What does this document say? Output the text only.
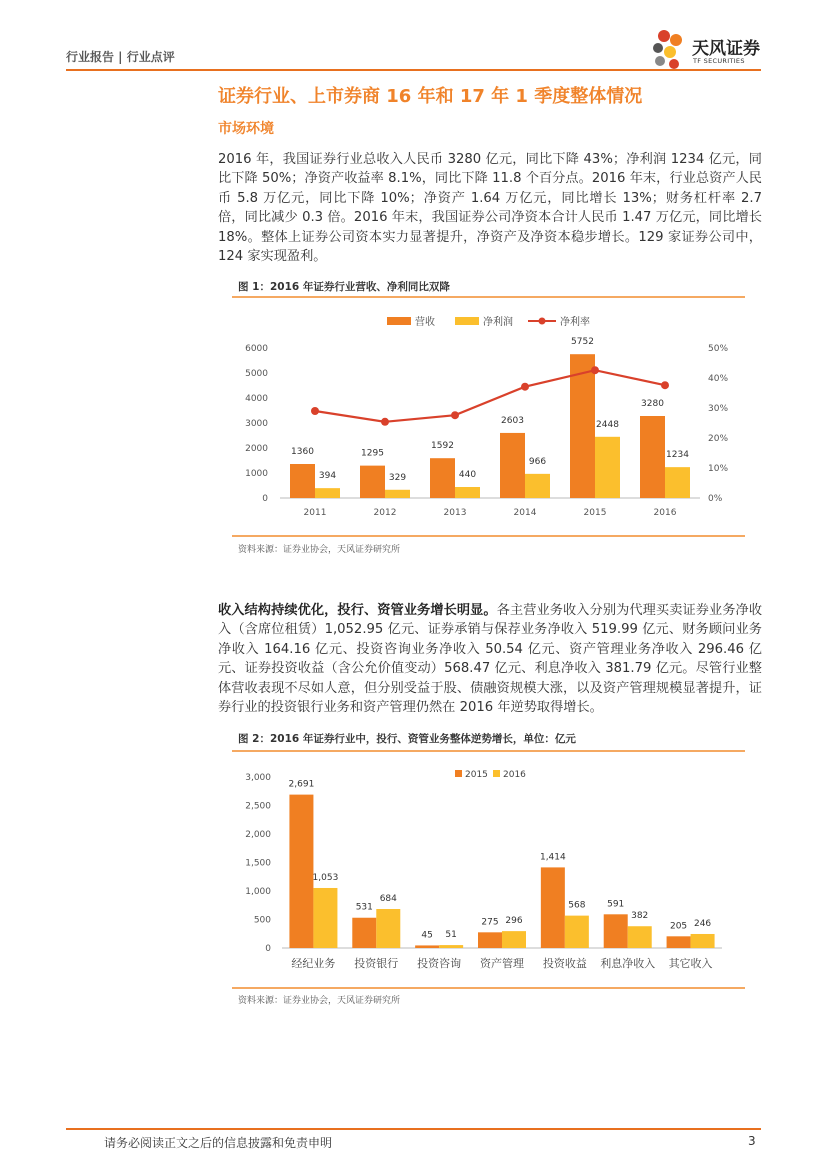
行业报告 | 行业点评	天风证券
TF SECURITIES
证券行业、上市券商 16 年和 17 年 1 季度整体情况
市场环境
2016 年，我国证券行业总收入人民币 3280 亿元，同比下降 43%；净利润 1234 亿元，同比下降 50%；净资产收益率 8.1%，同比下降 11.8 个百分点。2016 年末，行业总资产人民币 5.8 万亿元，同比下降 10%；净资产 1.64 万亿元，同比增长 13%；财务杠杆率 2.7 倍，同比减少 0.3 倍。2016 年末，我国证券公司净资本合计人民币 1.47 万亿元，同比增长 18%。整体上证券公司资本实力显著提升，净资产及净资本稳步增长。129 家证券公司中，124 家实现盈利。
图 1：2016 年证券行业营收、净利同比双降
0
1000
2000
3000
4000
5000
6000
0%
10%
20%
30%
40%
50%
1360
394
2011
1295
329
2012
1592
440
2013
2603
966
2014
5752
2448
2015
3280
1234
2016
营收	净利润	净利率
资料来源：证券业协会，天风证券研究所
收入结构持续优化，投行、资管业务增长明显。各主营业务收入分别为代理买卖证券业务净收入（含席位租赁）1,052.95 亿元、证券承销与保荐业务净收入 519.99 亿元、财务顾问业务净收入 164.16 亿元、投资咨询业务净收入 50.54 亿元、资产管理业务净收入 296.46 亿元、证券投资收益（含公允价值变动）568.47 亿元、利息净收入 381.79 亿元。尽管行业整体营收表现不尽如人意，但分别受益于股、债融资规模大涨，以及资产管理规模显著提升，证券行业的投资银行业务和资产管理仍然在 2016 年逆势取得增长。
图 2：2016 年证券行业中，投行、资管业务整体逆势增长，单位：亿元
0
500
1,000
1,500
2,000
2,500
3,000
2,691
1,053
经纪业务
531
684
投资银行
45 51
投资咨询
275 296
资产管理
1,414
568
投资收益
591
382
利息净收入
205 246
其它收入
2015 2016
资料来源：证券业协会，天风证券研究所
请务必阅读正文之后的信息披露和免责申明	3
